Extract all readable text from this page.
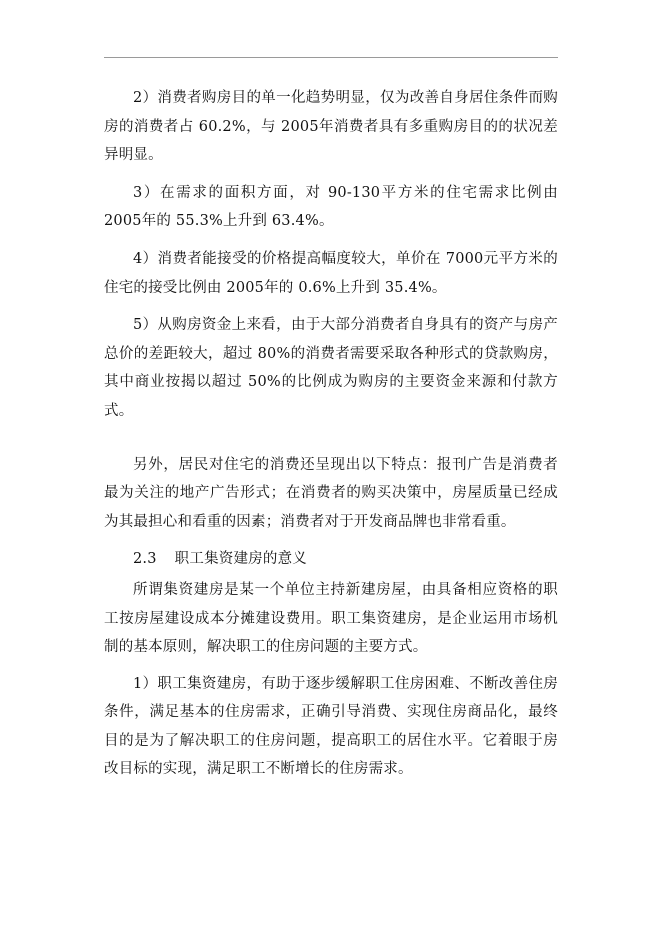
2）消费者购房目的单一化趋势明显，仅为改善自身居住条件而购房的消费者占 60.2%，与 2005年消费者具有多重购房目的的状况差异明显。

3）在需求的面积方面，对 90-130平方米的住宅需求比例由 2005年的 55.3%上升到 63.4%。

4）消费者能接受的价格提高幅度较大，单价在 7000元平方米的住宅的接受比例由 2005年的 0.6%上升到 35.4%。

5）从购房资金上来看，由于大部分消费者自身具有的资产与房产总价的差距较大，超过 80%的消费者需要采取各种形式的贷款购房，其中商业按揭以超过 50%的比例成为购房的主要资金来源和付款方式。

另外，居民对住宅的消费还呈现出以下特点：报刊广告是消费者最为关注的地产广告形式；在消费者的购买决策中，房屋质量已经成为其最担心和看重的因素；消费者对于开发商品牌也非常看重。

2.3 职工集资建房的意义

所谓集资建房是某一个单位主持新建房屋，由具备相应资格的职工按房屋建设成本分摊建设费用。职工集资建房，是企业运用市场机制的基本原则，解决职工的住房问题的主要方式。

1）职工集资建房，有助于逐步缓解职工住房困难、不断改善住房条件，满足基本的住房需求，正确引导消费、实现住房商品化，最终目的是为了解决职工的住房问题，提高职工的居住水平。它着眼于房改目标的实现，满足职工不断增长的住房需求。
